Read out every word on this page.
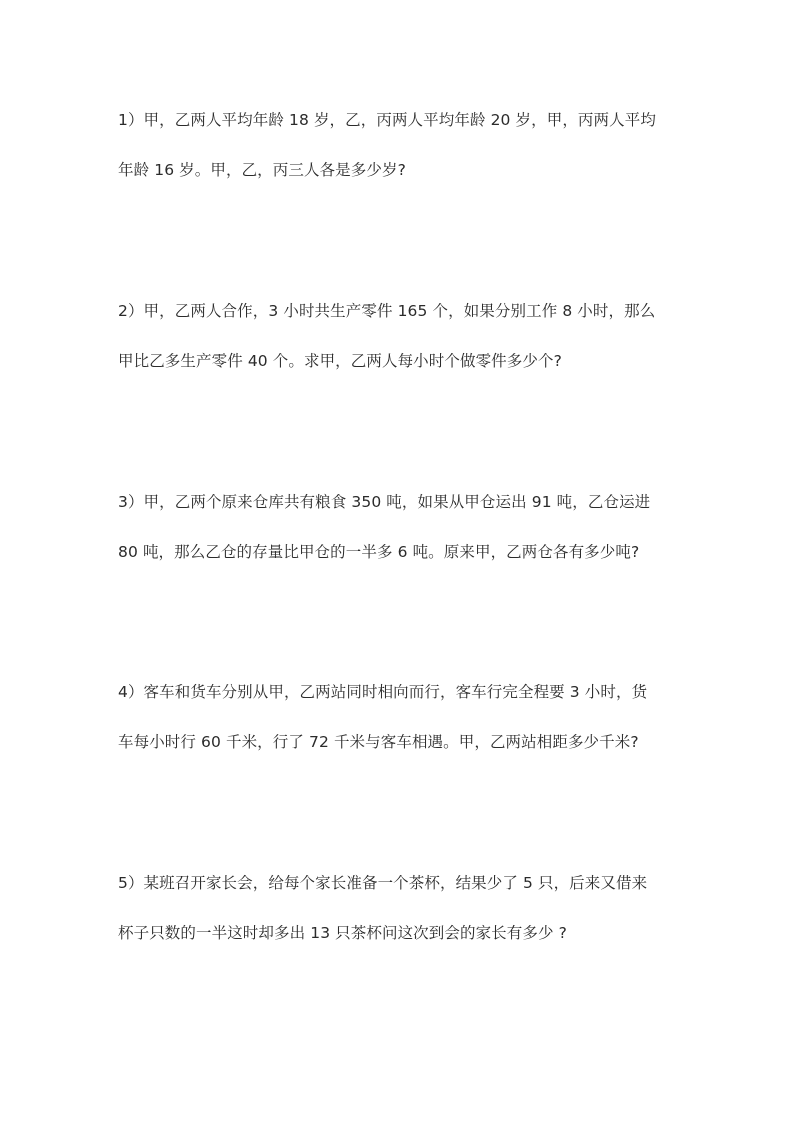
1）甲，乙两人平均年龄 18 岁，乙，丙两人平均年龄 20 岁，甲，丙两人平均
年龄 16 岁。甲，乙，丙三人各是多少岁?
2）甲，乙两人合作，3 小时共生产零件 165 个，如果分别工作 8 小时，那么
甲比乙多生产零件 40 个。求甲，乙两人每小时个做零件多少个?
3）甲，乙两个原来仓库共有粮食 350 吨，如果从甲仓运出 91 吨，乙仓运进
80 吨，那么乙仓的存量比甲仓的一半多 6 吨。原来甲，乙两仓各有多少吨?
4）客车和货车分别从甲，乙两站同时相向而行，客车行完全程要 3 小时，货
车每小时行 60 千米，行了 72 千米与客车相遇。甲，乙两站相距多少千米?
5）某班召开家长会，给每个家长准备一个茶杯，结果少了 5 只，后来又借来
杯子只数的一半这时却多出 13 只茶杯问这次到会的家长有多少 ?
